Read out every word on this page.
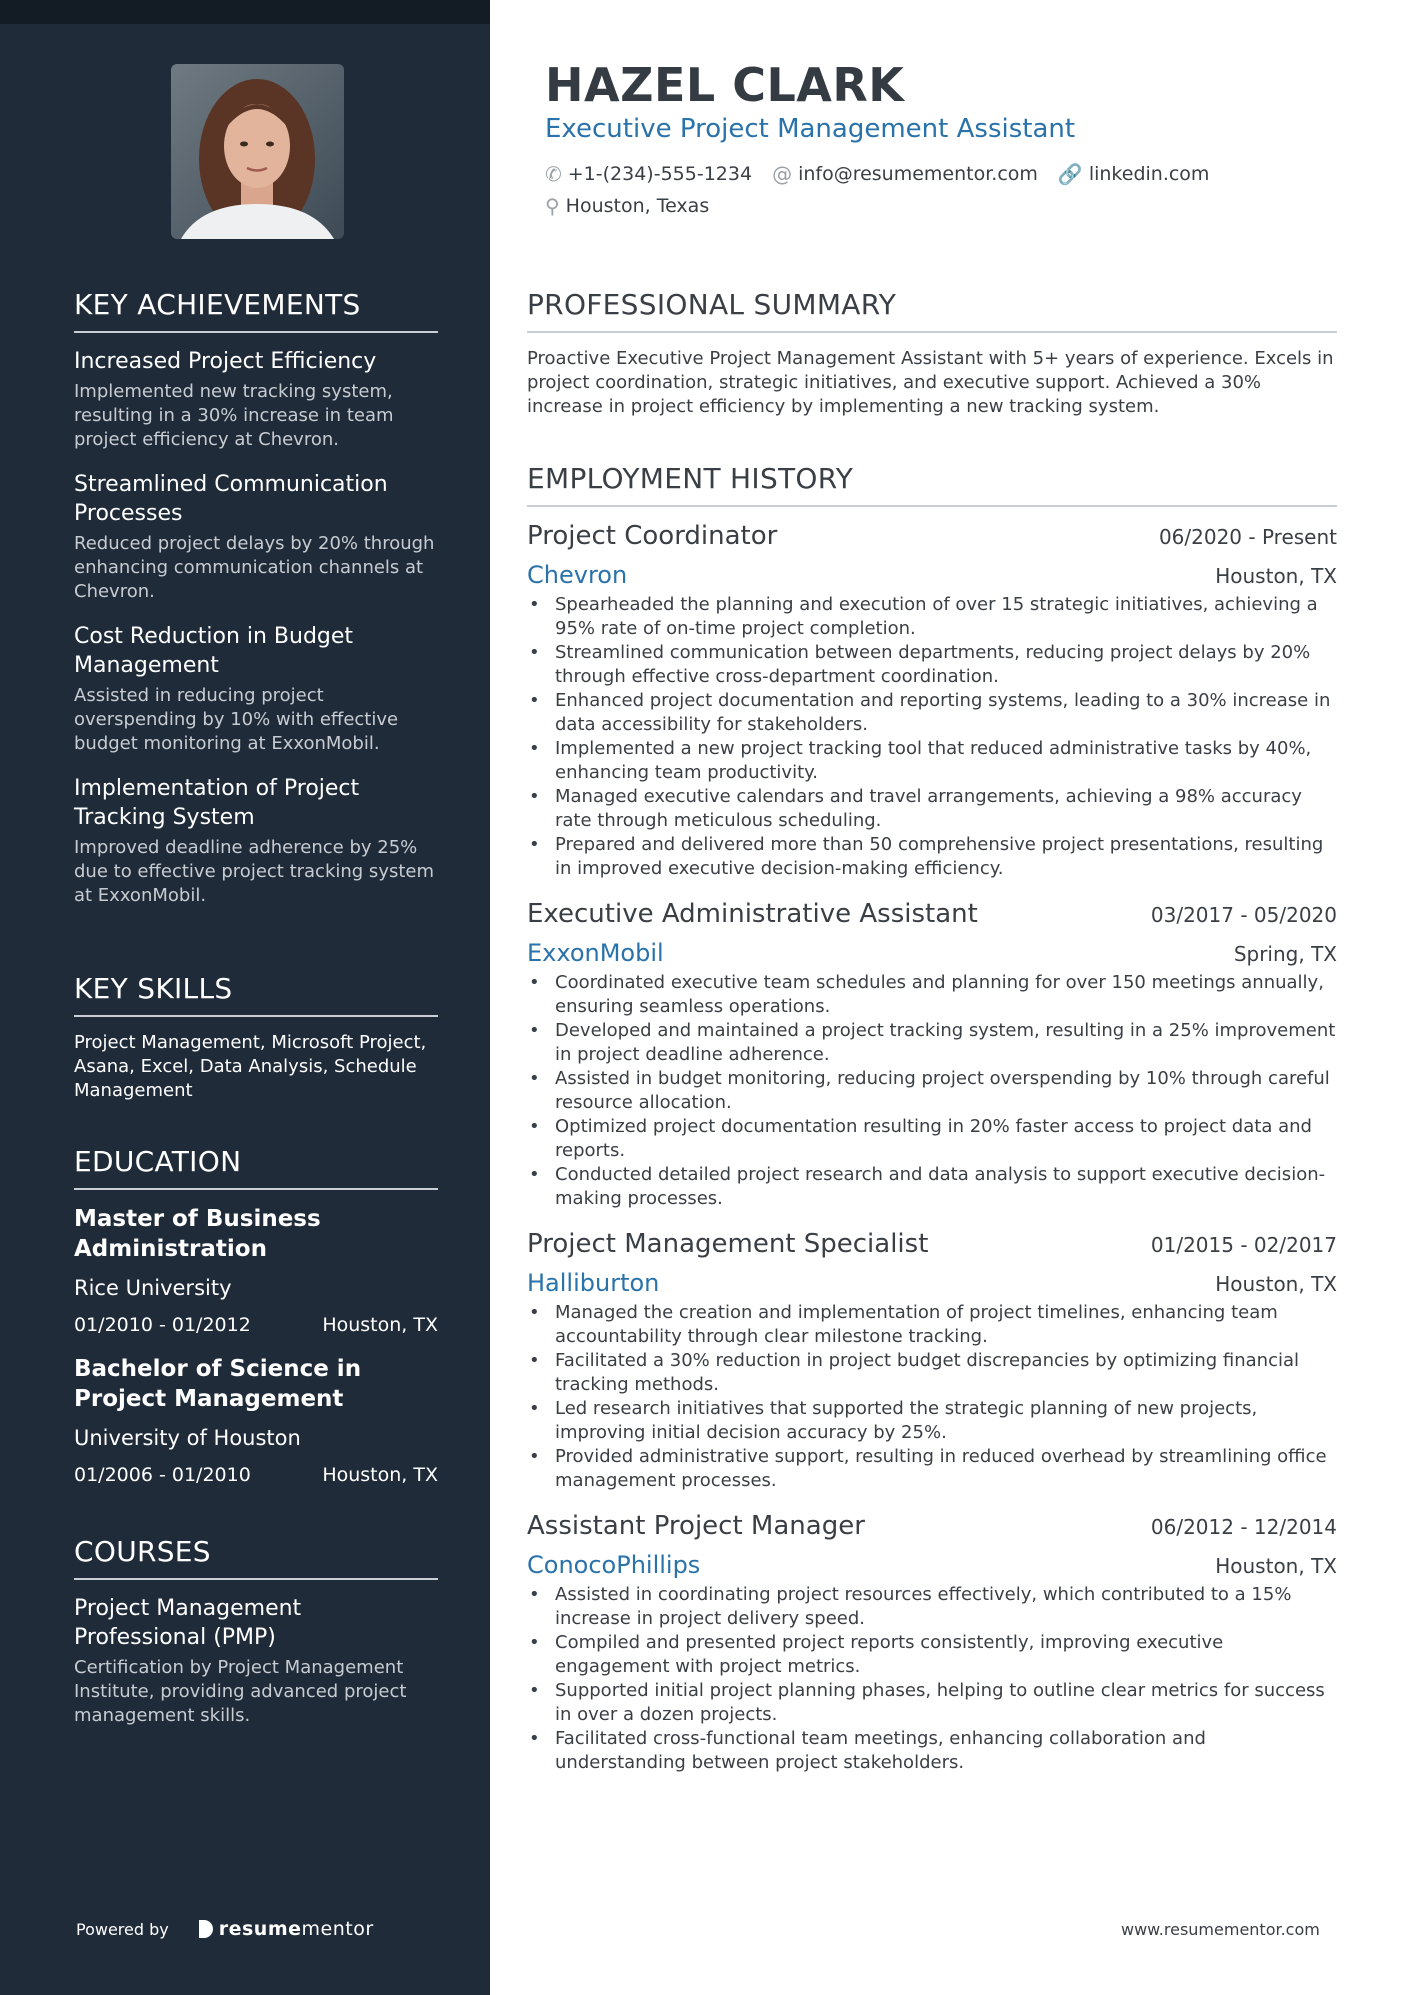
KEY ACHIEVEMENTS
Increased Project Efficiency
Implemented new tracking system, resulting in a 30% increase in team project efficiency at Chevron.
Streamlined Communication Processes
Reduced project delays by 20% through enhancing communication channels at Chevron.
Cost Reduction in Budget Management
Assisted in reducing project overspending by 10% with effective budget monitoring at ExxonMobil.
Implementation of Project Tracking System
Improved deadline adherence by 25% due to effective project tracking system at ExxonMobil.
KEY SKILLS
Project Management, Microsoft Project, Asana, Excel, Data Analysis, Schedule Management
EDUCATION
Master of Business Administration
Rice University
01/2010 - 01/2012	Houston, TX
Bachelor of Science in Project Management
University of Houston
01/2006 - 01/2010	Houston, TX
COURSES
Project Management Professional (PMP)
Certification by Project Management Institute, providing advanced project management skills.
Powered by	resume mentor
HAZEL CLARK
Executive Project Management Assistant
✆ +1-(234)-555-1234 @ info@resumementor.com 🔗 linkedin.com
⚲ Houston, Texas
PROFESSIONAL SUMMARY
Proactive Executive Project Management Assistant with 5+ years of experience. Excels in project coordination, strategic initiatives, and executive support. Achieved a 30% increase in project efficiency by implementing a new tracking system.
EMPLOYMENT HISTORY
Project Coordinator	06/2020 - Present
Chevron	Houston, TX
• Spearheaded the planning and execution of over 15 strategic initiatives, achieving a 95% rate of on-time project completion.
• Streamlined communication between departments, reducing project delays by 20% through effective cross-department coordination.
• Enhanced project documentation and reporting systems, leading to a 30% increase in data accessibility for stakeholders.
• Implemented a new project tracking tool that reduced administrative tasks by 40%, enhancing team productivity.
• Managed executive calendars and travel arrangements, achieving a 98% accuracy rate through meticulous scheduling.
• Prepared and delivered more than 50 comprehensive project presentations, resulting in improved executive decision-making efficiency.
Executive Administrative Assistant	03/2017 - 05/2020
ExxonMobil	Spring, TX
• Coordinated executive team schedules and planning for over 150 meetings annually, ensuring seamless operations.
• Developed and maintained a project tracking system, resulting in a 25% improvement in project deadline adherence.
• Assisted in budget monitoring, reducing project overspending by 10% through careful resource allocation.
• Optimized project documentation resulting in 20% faster access to project data and reports.
• Conducted detailed project research and data analysis to support executive decision-making processes.
Project Management Specialist	01/2015 - 02/2017
Halliburton	Houston, TX
• Managed the creation and implementation of project timelines, enhancing team accountability through clear milestone tracking.
• Facilitated a 30% reduction in project budget discrepancies by optimizing financial tracking methods.
• Led research initiatives that supported the strategic planning of new projects, improving initial decision accuracy by 25%.
• Provided administrative support, resulting in reduced overhead by streamlining office management processes.
Assistant Project Manager	06/2012 - 12/2014
ConocoPhillips	Houston, TX
• Assisted in coordinating project resources effectively, which contributed to a 15% increase in project delivery speed.
• Compiled and presented project reports consistently, improving executive engagement with project metrics.
• Supported initial project planning phases, helping to outline clear metrics for success in over a dozen projects.
• Facilitated cross-functional team meetings, enhancing collaboration and understanding between project stakeholders.
www.resumementor.com
